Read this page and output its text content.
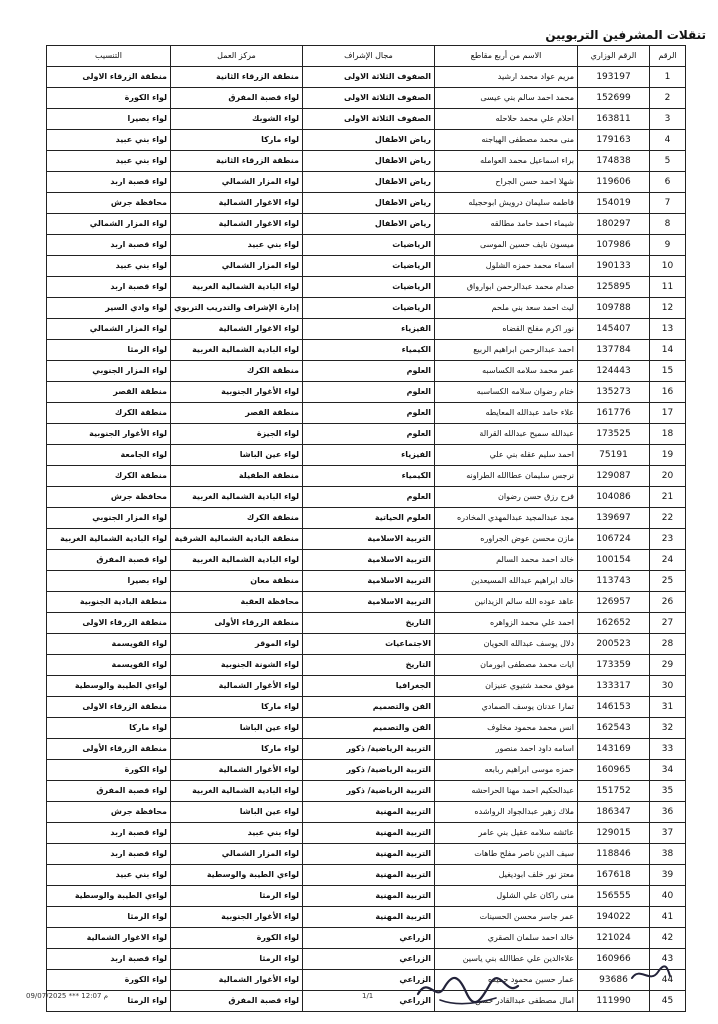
تنقلات المشرفين التربويين
الرقم	الرقم الوزاري	الاسم من أربع مقاطع	مجال الإشراف	مركز العمل	التنسيب
1	193197	مريم عواد محمد ارشيد	الصفوف الثلاثة الاولى	منطقة الزرقاء الثانية	منطقة الزرقاء الاولى
2	152699	محمد احمد سالم بني عيسى	الصفوف الثلاثة الاولى	لواء قصبة المفرق	لواء الكورة
3	163811	احلام علي محمد حلاحله	الصفوف الثلاثة الاولى	لواء الشوبك	لواء بصيرا
4	179163	منى محمد مصطفى الهياجنه	رياض الاطفال	لواء ماركا	لواء بني عبيد
5	174838	براء اسماعيل محمد العوامله	رياض الاطفال	منطقة الزرقاء الثانية	لواء بني عبيد
6	119606	شهلا احمد حسن الجراح	رياض الاطفال	لواء المزار الشمالي	لواء قصبة اربد
7	154019	فاطمه سليمان درويش ابوحجيله	رياض الاطفال	لواء الاغوار الشمالية	محافظة جرش
8	180297	شيماء احمد حامد مطالقه	رياض الاطفال	لواء الاغوار الشمالية	لواء المزار الشمالي
9	107986	ميسون نايف حسين الموسى	الرياضيات	لواء بني عبيد	لواء قصبة اربد
10	190133	اسماء محمد حمزه الشلول	الرياضيات	لواء المزار الشمالي	لواء بني عبيد
11	125895	صدام محمد عبدالرحمن ابوارواق	الرياضيات	لواء البادية الشمالية الغربية	لواء قصبة اربد
12	109788	ليث احمد سعد بني ملحم	الرياضيات	إدارة الإشراف والتدريب التربوي	لواء وادي السير
13	145407	نور اكرم مفلح القضاه	الفيزياء	لواء الاغوار الشمالية	لواء المزار الشمالي
14	137784	احمد عبدالرحمن ابراهيم الربيع	الكيمياء	لواء البادية الشمالية الغربية	لواء الرمثا
15	124443	عمر محمد سلامه الكساسبه	العلوم	منطقة الكرك	لواء المزار الجنوبي
16	135273	ختام رضوان سلامه الكساسبه	العلوم	لواء الأغوار الجنوبية	منطقة القصر
17	161776	علاء حامد عبدالله المعايطه	العلوم	منطقة القصر	منطقة الكرك
18	173525	عبدالله سميح عبدالله القرالة	العلوم	لواء الجيزة	لواء الأغوار الجنوبية
19	75191	احمد سليم عقله بني علي	الفيزياء	لواء عين الباشا	لواء الجامعة
20	129087	نرجس سليمان عطاالله الطراونه	الكيمياء	منطقة الطفيلة	منطقة الكرك
21	104086	فرح رزق حسن رضوان	العلوم	لواء البادية الشمالية الغربية	محافظة جرش
22	139697	مجد عبدالمجيد عبدالمهدي المخادره	العلوم الحياتية	منطقة الكرك	لواء المزار الجنوبي
23	106724	مازن محسن عوض الجراوره	التربية الاسلامية	منطقة البادية الشمالية الشرقية	لواء البادية الشمالية الغربية
24	100154	خالد احمد محمد السالم	التربية الاسلامية	لواء البادية الشمالية الغربية	لواء قصبة المفرق
25	113743	خالد ابراهيم عبدالله المسيعدين	التربية الاسلامية	منطقة معان	لواء بصيرا
26	126957	عاهد عوده الله سالم الزيدانين	التربية الاسلامية	محافظة العقبة	منطقة البادية الجنوبية
27	162652	احمد علي محمد الزواهره	التاريخ	منطقة الزرقاء الأولى	منطقة الزرقاء الاولى
28	200523	دلال يوسف عبدالله الحويان	الاجتماعيات	لواء الموقر	لواء القويسمة
29	173359	ايات محمد مصطفى ابورمان	التاريخ	لواء الشونة الجنوبية	لواء القويسمة
30	133317	موفق محمد شتيوي عنيزان	الجغرافيا	لواء الأغوار الشمالية	لواءي الطيبة والوسطية
31	146153	تمارا عدنان يوسف الصمادي	الفن والتصميم	لواء ماركا	منطقة الزرقاء الاولى
32	162543	انس محمد محمود مخلوف	الفن والتصميم	لواء عين الباشا	لواء ماركا
33	143169	اسامه داود احمد منصور	التربية الرياضية/ ذكور	لواء ماركا	منطقة الزرقاء الأولى
34	160965	حمزه موسى ابراهيم ربابعه	التربية الرياضية/ ذكور	لواء الأغوار الشمالية	لواء الكورة
35	151752	عبدالحكيم احمد مهنا الحراحشه	التربية الرياضية/ ذكور	لواء البادية الشمالية الغربية	لواء قصبة المفرق
36	186347	ملاك زهير عبدالجواد الرواشده	التربية المهنية	لواء عين الباشا	محافظة جرش
37	129015	عائشه سلامه عقيل بني عامر	التربية المهنية	لواء بني عبيد	لواء قصبة اربد
38	118846	سيف الدين ناصر مفلح طاهات	التربية المهنية	لواء المزار الشمالي	لواء قصبة اربد
39	167618	معتز نور خلف ابوديغيل	التربية المهنية	لواءي الطيبة والوسطية	لواء بني عبيد
40	156555	منى راكان علي الشلول	التربية المهنية	لواء الرمثا	لواءي الطيبة والوسطية
41	194022	عمر جاسر محسن الحسينات	التربية المهنية	لواء الأغوار الجنوبية	لواء الرمثا
42	121024	خالد احمد سلمان الصقري	الزراعي	لواء الكورة	لواء الاغوار الشمالية
43	160966	علاءالدين علي عطاالله بني ياسين	الزراعي	لواء الرمثا	لواء قصبة اربد
44	93686	عمار حسين محمود حميده	الزراعي	لواء الأغوار الشمالية	لواء الكورة
45	111990	امال مصطفى عبدالقادر حسن	الزراعي	لواء قصبة المفرق	لواء الرمثا
09/07/2025 *** 12:07 م	1/1
